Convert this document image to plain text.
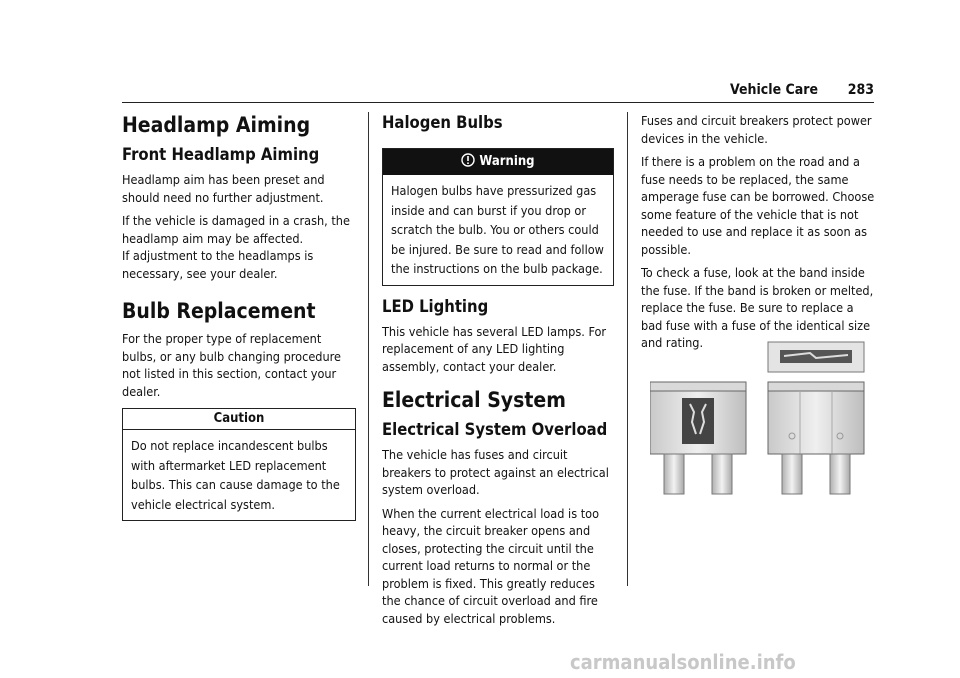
Vehicle Care 283
Headlamp Aiming
Front Headlamp Aiming
Headlamp aim has been preset and should need no further adjustment.
If the vehicle is damaged in a crash, the headlamp aim may be affected.
If adjustment to the headlamps is necessary, see your dealer.
Bulb Replacement
For the proper type of replacement bulbs, or any bulb changing procedure not listed in this section, contact your dealer.
Caution
Do not replace incandescent bulbs with aftermarket LED replacement bulbs. This can cause damage to the vehicle electrical system.
Halogen Bulbs
Warning
Halogen bulbs have pressurized gas inside and can burst if you drop or scratch the bulb. You or others could be injured. Be sure to read and follow the instructions on the bulb package.
LED Lighting
This vehicle has several LED lamps. For replacement of any LED lighting assembly, contact your dealer.
Electrical System
Electrical System Overload
The vehicle has fuses and circuit breakers to protect against an electrical system overload.
When the current electrical load is too heavy, the circuit breaker opens and closes, protecting the circuit until the current load returns to normal or the problem is fixed. This greatly reduces the chance of circuit overload and fire caused by electrical problems.
Fuses and circuit breakers protect power devices in the vehicle.
If there is a problem on the road and a fuse needs to be replaced, the same amperage fuse can be borrowed. Choose some feature of the vehicle that is not needed to use and replace it as soon as possible.
To check a fuse, look at the band inside the fuse. If the band is broken or melted, replace the fuse. Be sure to replace a bad fuse with a fuse of the identical size and rating.
carmanualsonline.info
